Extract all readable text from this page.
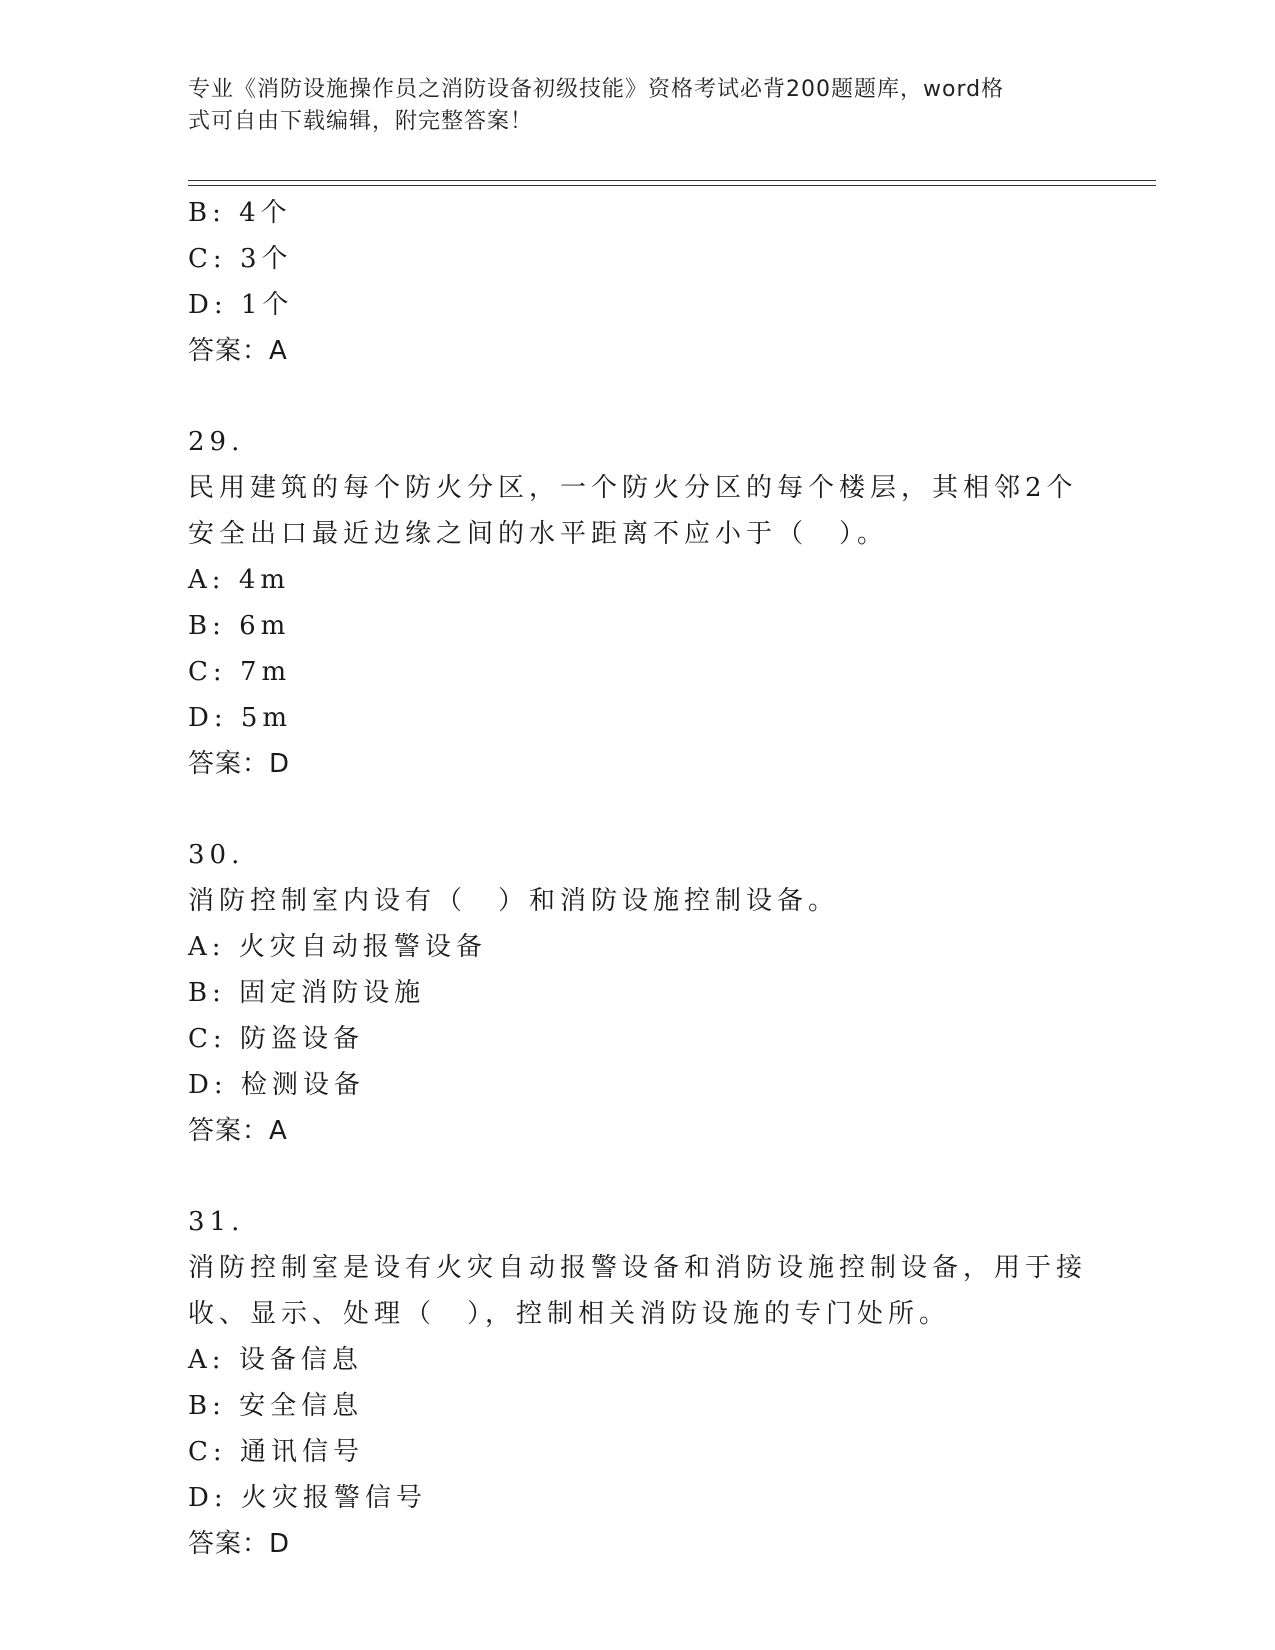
专业《消防设施操作员之消防设备初级技能》资格考试必背200题题库，word格
式可自由下载编辑，附完整答案！
B: 4个
C: 3个
D: 1个
答案：A
29.
民用建筑的每个防火分区，一个防火分区的每个楼层，其相邻2个
安全出口最近边缘之间的水平距离不应小于（　）。
A: 4m
B: 6m
C: 7m
D: 5m
答案：D
30.
消防控制室内设有（　）和消防设施控制设备。
A: 火灾自动报警设备
B: 固定消防设施
C: 防盗设备
D: 检测设备
答案：A
31.
消防控制室是设有火灾自动报警设备和消防设施控制设备，用于接
收、显示、处理（　），控制相关消防设施的专门处所。
A: 设备信息
B: 安全信息
C: 通讯信号
D: 火灾报警信号
答案：D
